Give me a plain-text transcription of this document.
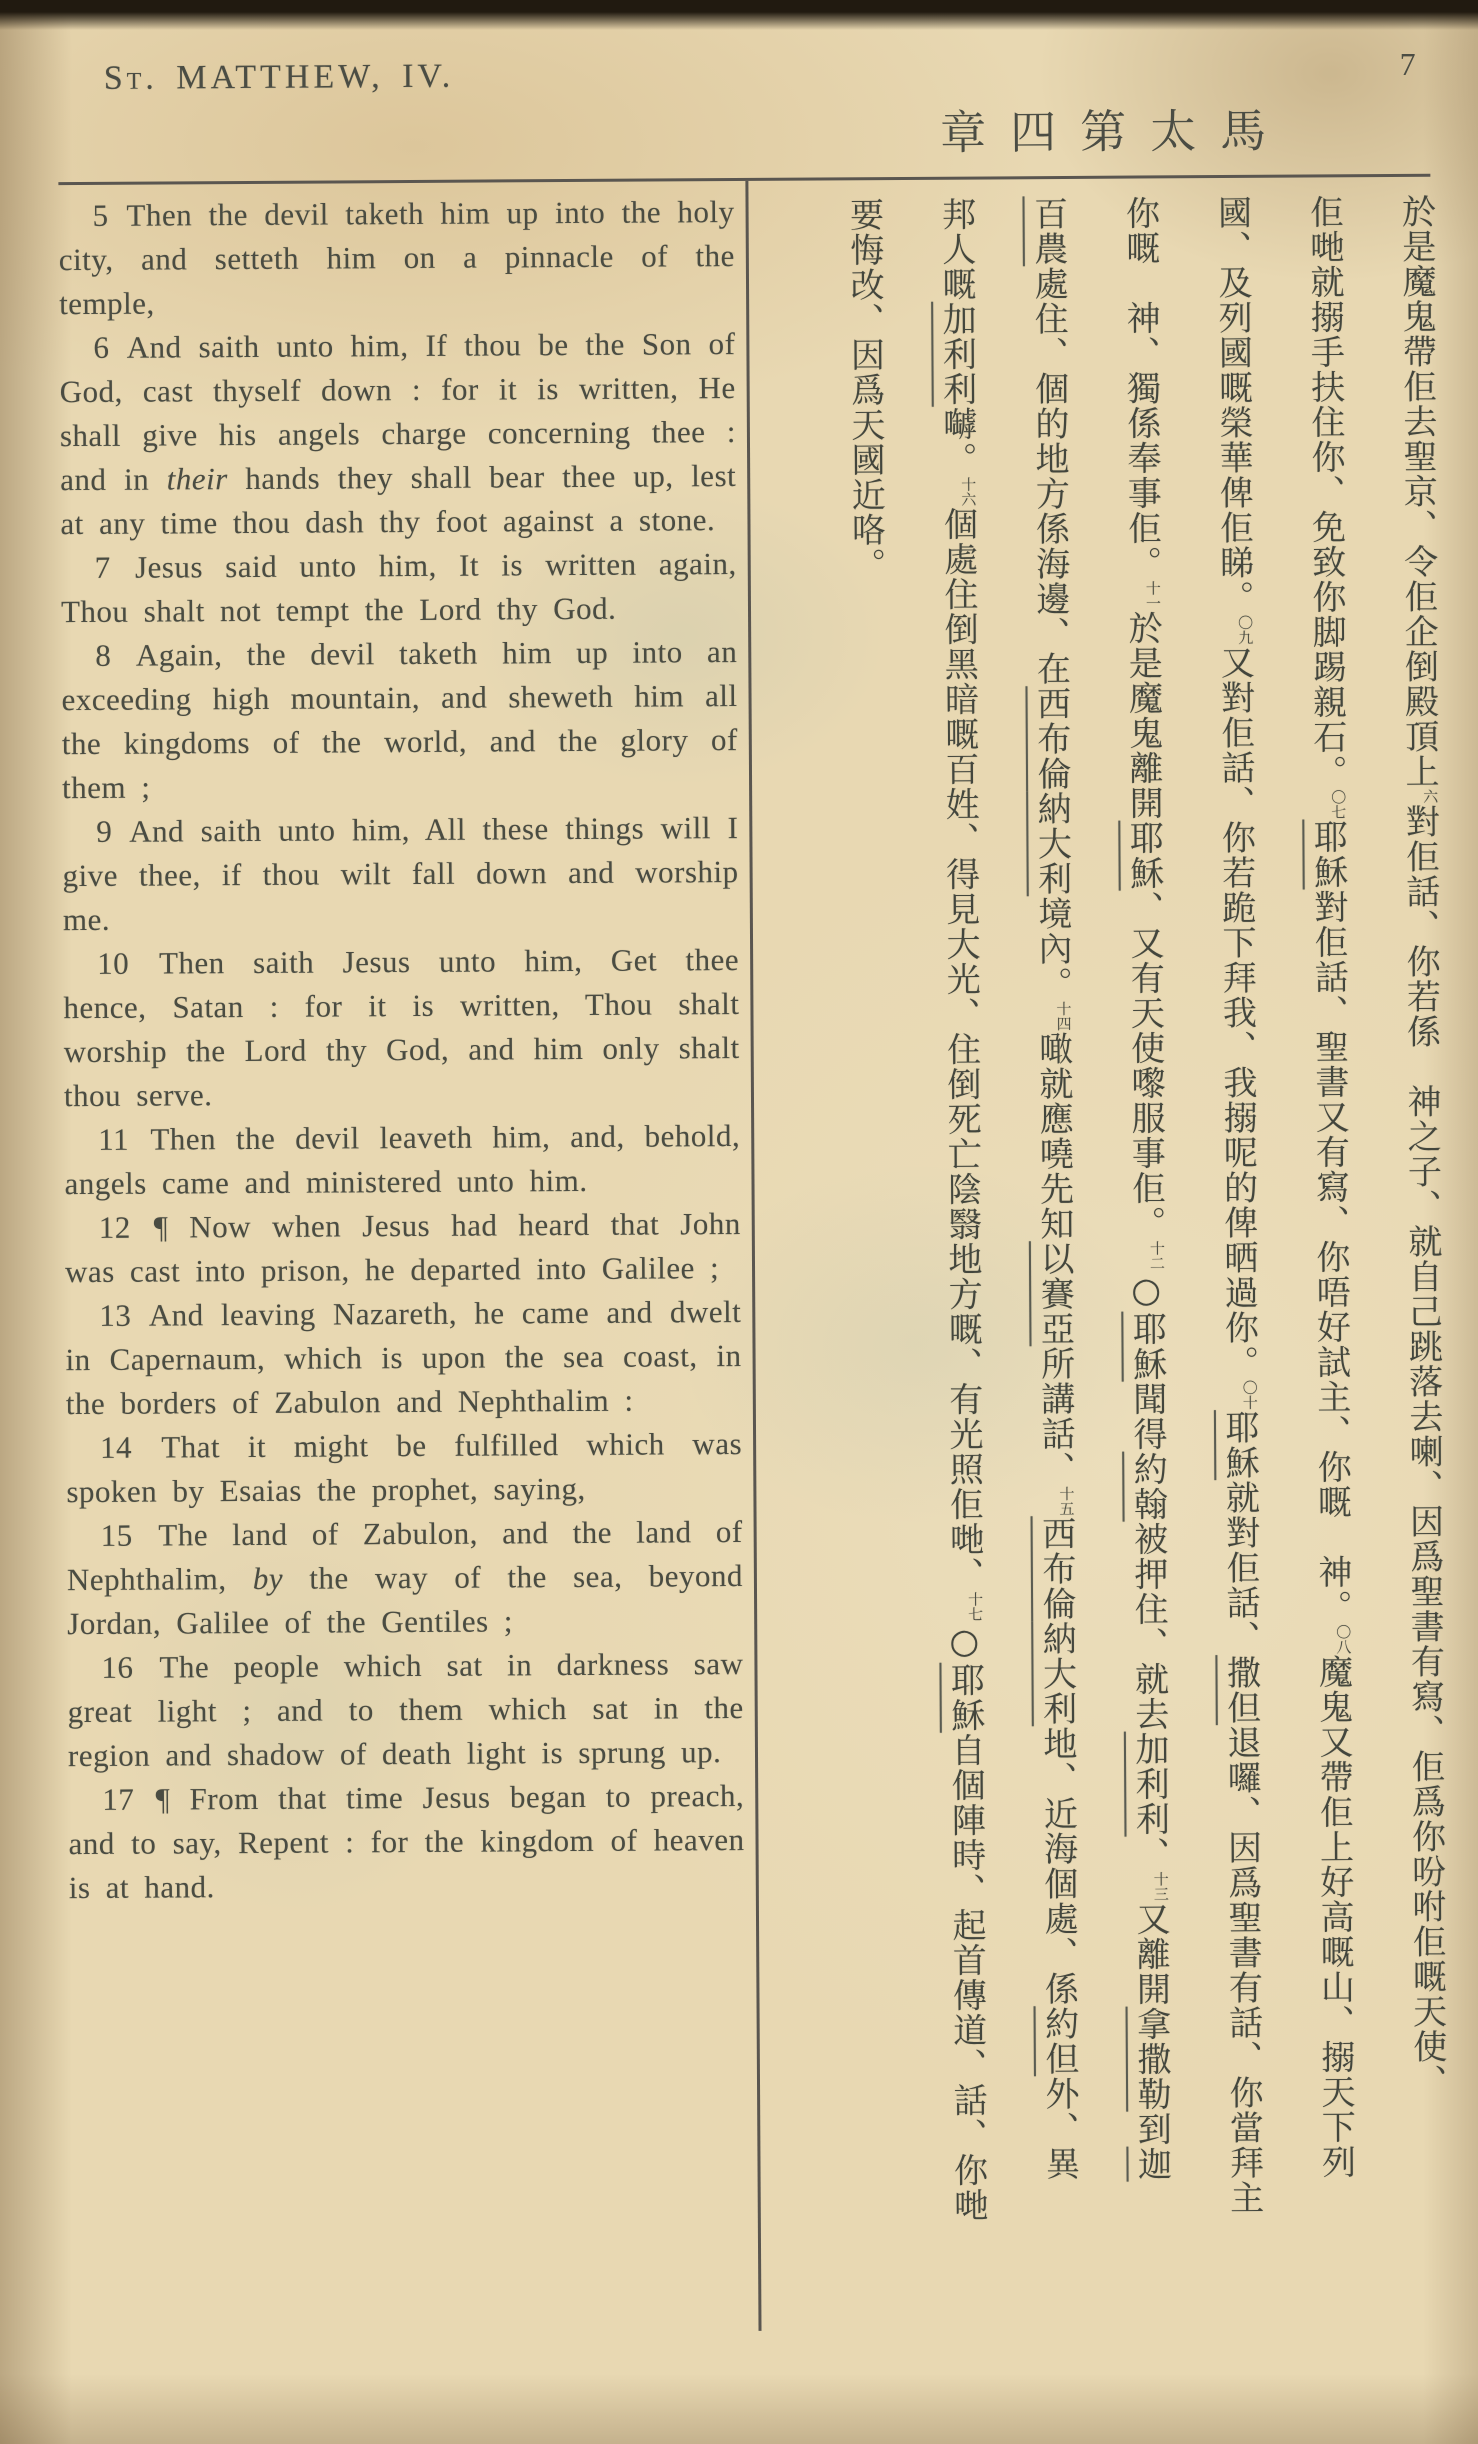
St. MATTHEW, IV.
章四第太馬
7

5 Then the devil taketh him up into the holy city, and setteth him on a pinnacle of the temple,

6 And saith unto him, If thou be the Son of God, cast thyself down : for it is written, He shall give his angels charge concerning thee : and in their hands they shall bear thee up, lest at any time thou dash thy foot against a stone.

7 Jesus said unto him, It is written again, Thou shalt not tempt the Lord thy God.

8 Again, the devil taketh him up into an exceeding high mountain, and sheweth him all the kingdoms of the world, and the glory of them ;

9 And saith unto him, All these things will I give thee, if thou wilt fall down and worship me.

10 Then saith Jesus unto him, Get thee hence, Satan : for it is written, Thou shalt worship the Lord thy God, and him only shalt thou serve.

11 Then the devil leaveth him, and, behold, angels came and ministered unto him.

12 ¶ Now when Jesus had heard that John was cast into prison, he departed into Galilee ;

13 And leaving Nazareth, he came and dwelt in Capernaum, which is upon the sea coast, in the borders of Zabulon and Nephthalim :

14 That it might be fulfilled which was spoken by Esaias the prophet, saying,

15 The land of Zabulon, and the land of Nephthalim, by the way of the sea, beyond Jordan, Galilee of the Gentiles ;

16 The people which sat in darkness saw great light ; and to them which sat in the region and shadow of death light is sprung up.

17 ¶ From that time Jesus began to preach, and to say, Repent : for the kingdom of heaven is at hand.

於是魔鬼帶佢去聖京、令佢企倒殿頂上六對佢話、你若係　神之子、就自己跳落去喇、因爲聖書有寫、佢爲你吩咐佢嘅天使、
佢哋就搦手扶住你、免致你脚踢親石。〇七耶穌對佢話、聖書又有寫、你唔好試主、你嘅　神。〇八魔鬼又帶佢上好高嘅山、搦天下列
國、及列國嘅榮華俾佢睇。〇九又對佢話、你若跪下拜我、我搦呢的俾晒過你。〇十耶穌就對佢話、撒但退囉、因爲聖書有話、你當拜主
你嘅　神、獨係奉事佢。十一於是魔鬼離開耶穌、又有天使嚟服事佢。十二○耶穌聞得約翰被押住、就去加利利、十三又離開拿撒勒到迦
百農處住、個的地方係海邊、在西布倫納大利境內。十四噉就應嘵先知以賽亞所講話、十五西布倫納大利地、近海個處、係約但外、異
邦人嘅加利利嚹。十六個處住倒黑暗嘅百姓、得見大光、住倒死亡陰翳地方嘅、有光照佢哋、十七○耶穌自個陣時、起首傳道、話、你哋
要悔改、因爲天國近咯。
